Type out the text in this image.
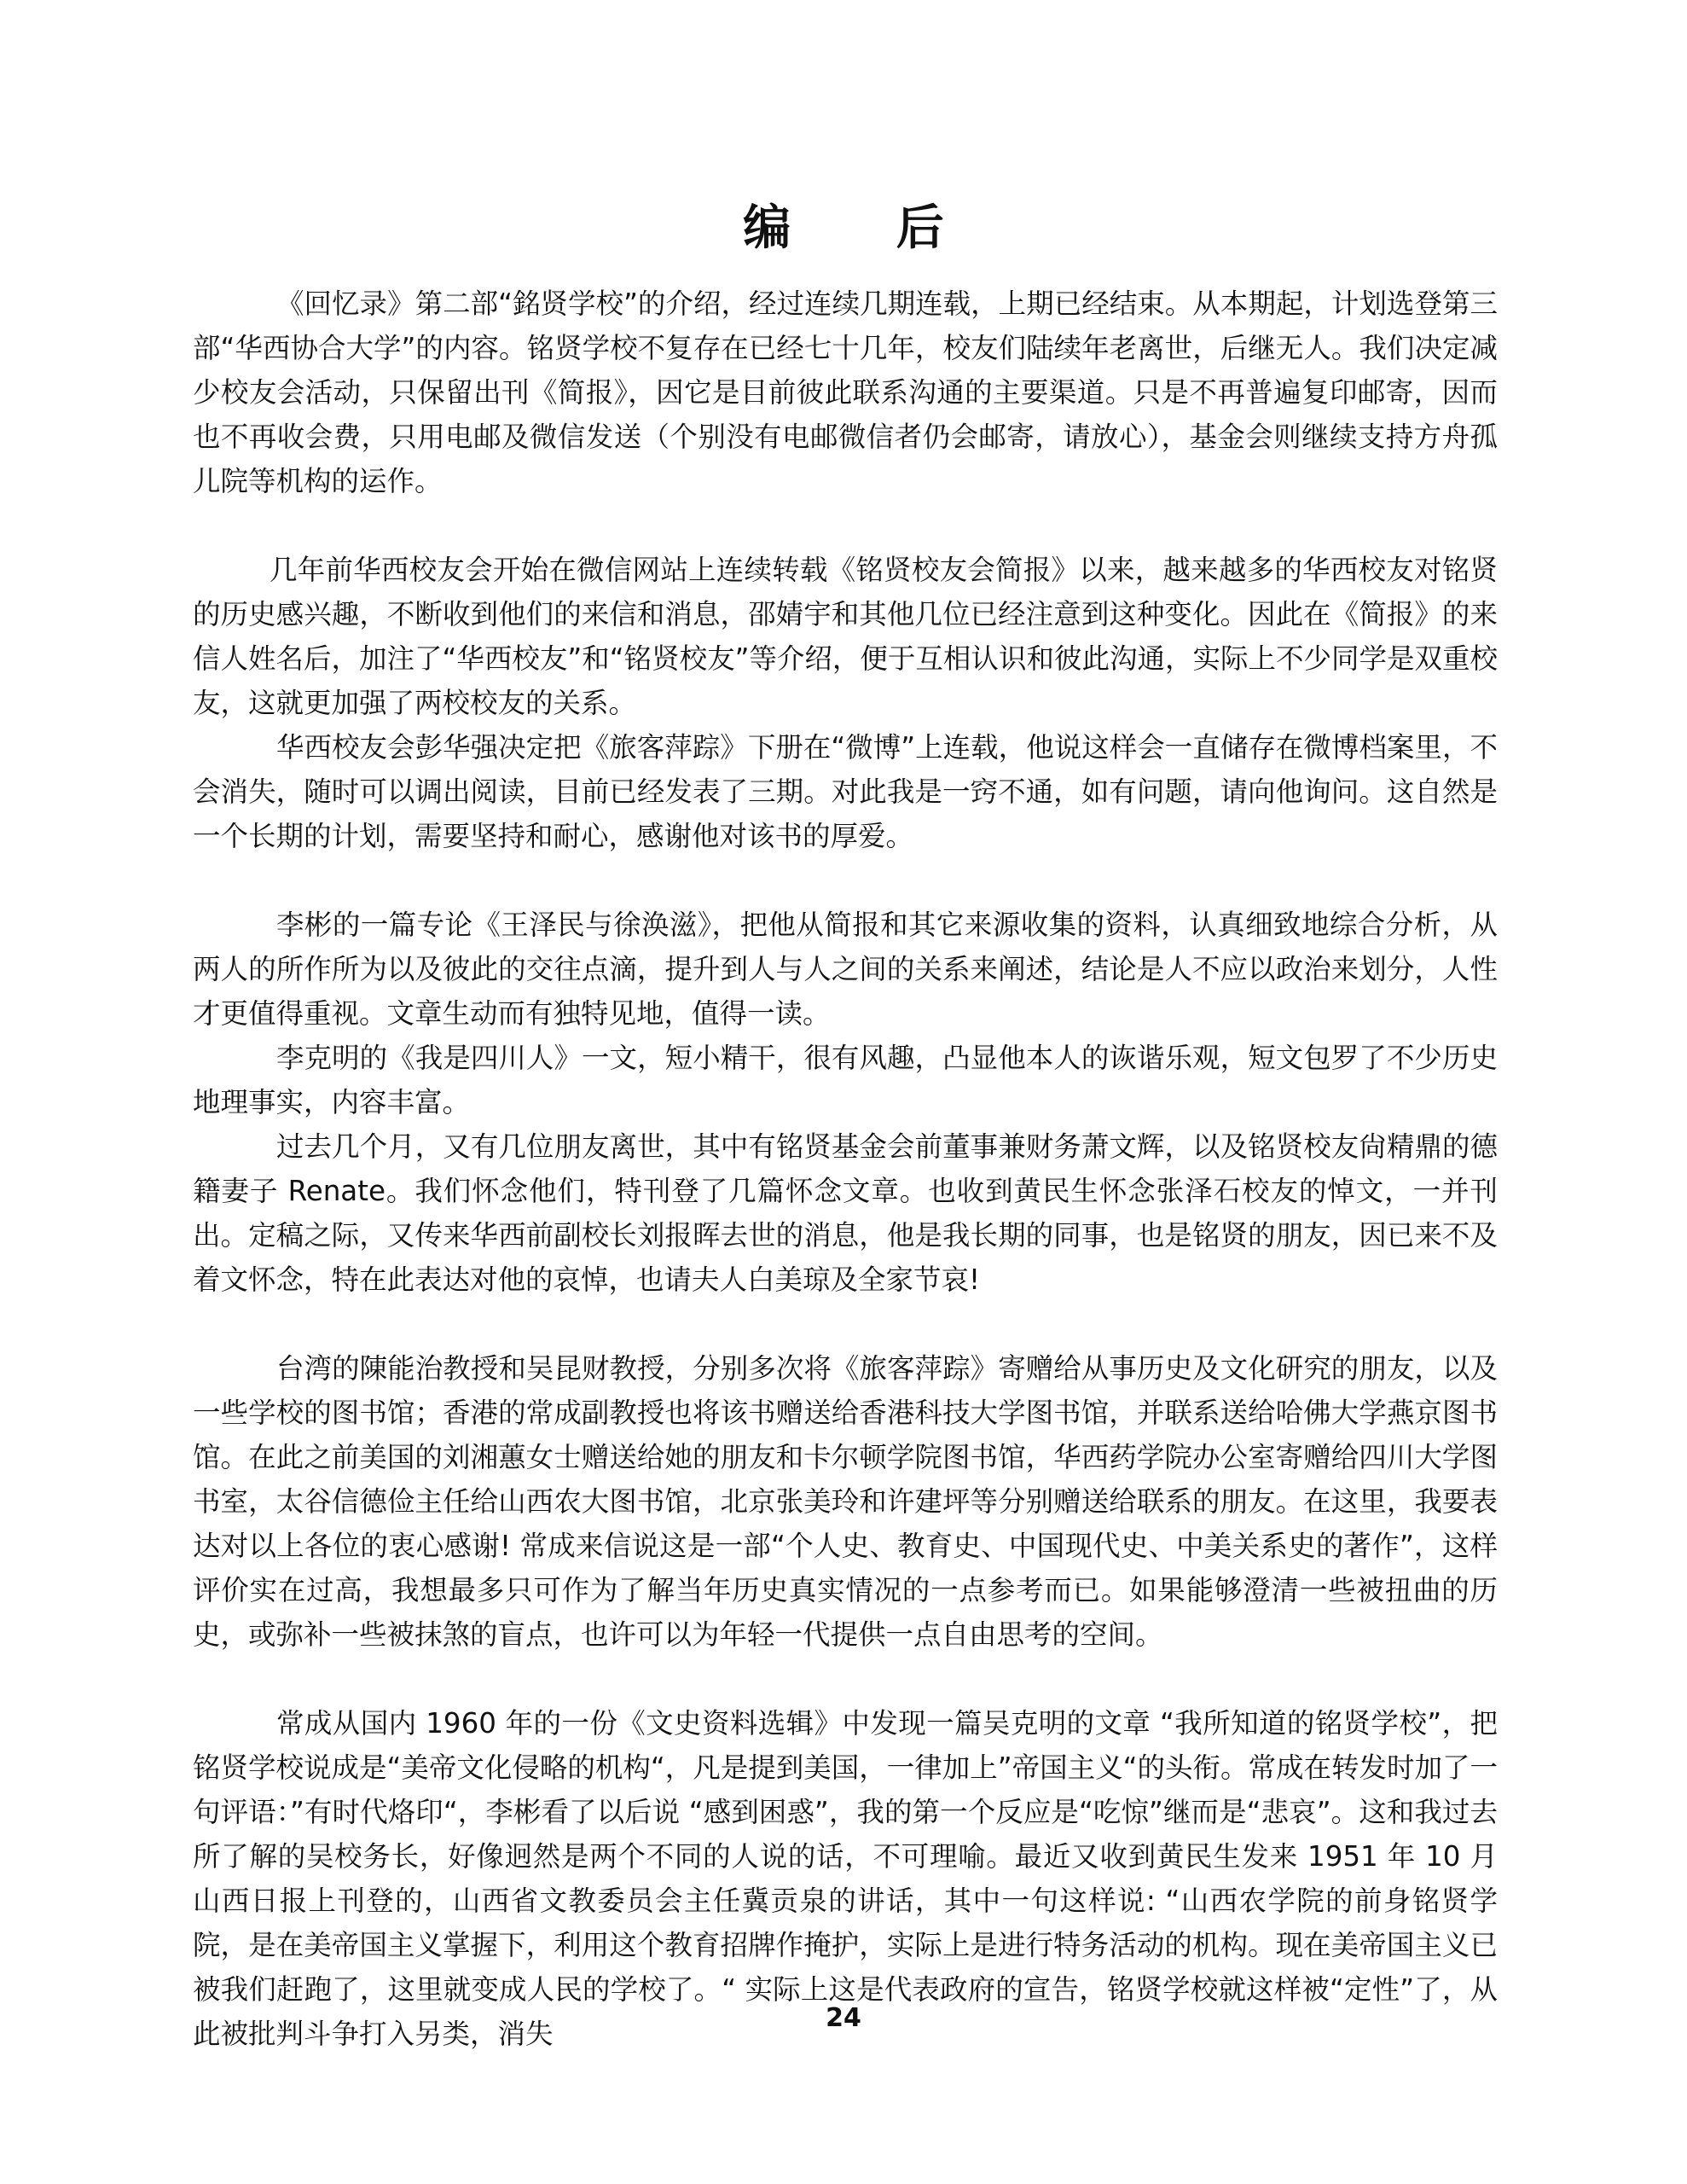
编 后

《回忆录》第二部“銘贤学校”的介绍，经过连续几期连载，上期已经结束。从本期起，计划选登第三部“华西协合大学”的内容。铭贤学校不复存在已经七十几年，校友们陆续年老离世，后继无人。我们决定减少校友会活动，只保留出刊《简报》，因它是目前彼此联系沟通的主要渠道。只是不再普遍复印邮寄，因而也不再收会费，只用电邮及微信发送（个别没有电邮微信者仍会邮寄，请放心），基金会则继续支持方舟孤儿院等机构的运作。

几年前华西校友会开始在微信网站上连续转载《铭贤校友会简报》以来，越来越多的华西校友对铭贤的历史感兴趣，不断收到他们的来信和消息，邵婧宇和其他几位已经注意到这种变化。因此在《简报》的来信人姓名后，加注了“华西校友”和“铭贤校友”等介绍，便于互相认识和彼此沟通，实际上不少同学是双重校友，这就更加强了两校校友的关系。

华西校友会彭华强决定把《旅客萍踪》下册在“微博”上连载，他说这样会一直储存在微博档案里，不会消失，随时可以调出阅读，目前已经发表了三期。对此我是一窍不通，如有问题，请向他询问。这自然是一个长期的计划，需要坚持和耐心，感谢他对该书的厚爱。

李彬的一篇专论《王泽民与徐涣滋》，把他从简报和其它来源收集的资料，认真细致地综合分析，从两人的所作所为以及彼此的交往点滴，提升到人与人之间的关系来阐述，结论是人不应以政治来划分，人性才更值得重视。文章生动而有独特见地，值得一读。

李克明的《我是四川人》一文，短小精干，很有风趣，凸显他本人的诙谐乐观，短文包罗了不少历史地理事实，内容丰富。

过去几个月，又有几位朋友离世，其中有铭贤基金会前董事兼财务萧文辉，以及铭贤校友尙精鼎的德籍妻子 Renate。我们怀念他们，特刊登了几篇怀念文章。也收到黄民生怀念张泽石校友的悼文，一并刊出。定稿之际，又传来华西前副校长刘报晖去世的消息，他是我长期的同事，也是铭贤的朋友，因已来不及着文怀念，特在此表达对他的哀悼，也请夫人白美琼及全家节哀!

台湾的陳能治教授和吴昆财教授，分别多次将《旅客萍踪》寄赠给从事历史及文化研究的朋友，以及一些学校的图书馆；香港的常成副教授也将该书赠送给香港科技大学图书馆，并联系送给哈佛大学燕京图书馆。在此之前美国的刘湘蕙女士赠送给她的朋友和卡尔顿学院图书馆，华西药学院办公室寄赠给四川大学图书室，太谷信德俭主任给山西农大图书馆，北京张美玲和许建坪等分别赠送给联系的朋友。在这里，我要表达对以上各位的衷心感谢! 常成来信说这是一部“个人史、教育史、中国现代史、中美关系史的著作”，这样评价实在过高，我想最多只可作为了解当年历史真实情况的一点参考而已。如果能够澄清一些被扭曲的历史，或弥补一些被抹煞的盲点，也许可以为年轻一代提供一点自由思考的空间。

常成从国内 1960 年的一份《文史资料选辑》中发现一篇吴克明的文章 “我所知道的铭贤学校”，把铭贤学校说成是“美帝文化侵略的机构“，凡是提到美国，一律加上”帝国主义“的头衔。常成在转发时加了一句评语：”有时代烙印“，李彬看了以后说 “感到困惑”，我的第一个反应是“吃惊”继而是“悲哀”。这和我过去所了解的吴校务长，好像迥然是两个不同的人说的话，不可理喻。最近又收到黄民生发来 1951 年 10 月山西日报上刊登的，山西省文教委员会主任冀贡泉的讲话，其中一句这样说: “山西农学院的前身铭贤学院，是在美帝国主义掌握下，利用这个教育招牌作掩护，实际上是进行特务活动的机构。现在美帝国主义已被我们赶跑了，这里就变成人民的学校了。“ 实际上这是代表政府的宣告，铭贤学校就这样被“定性”了，从此被批判斗争打入另类，消失	24
